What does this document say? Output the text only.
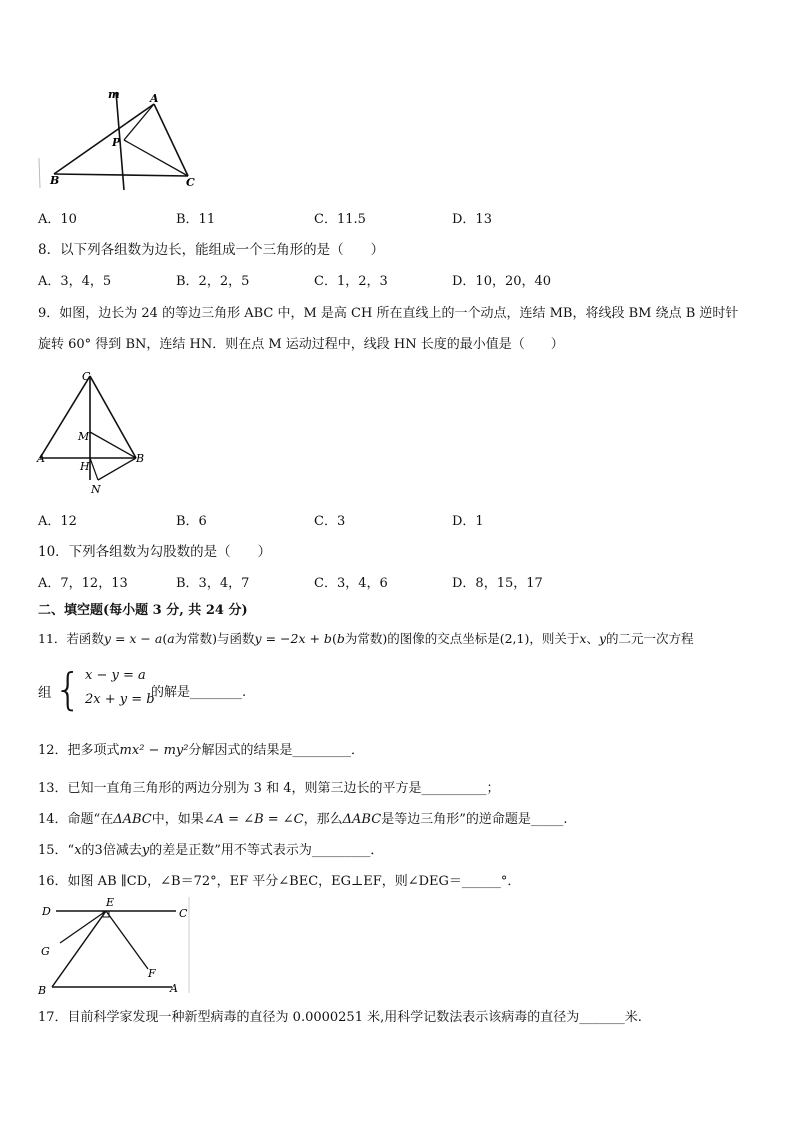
m	A
P
B	C
A．10	B．11	C．11.5	D．13
8．以下列各组数为边长，能组成一个三角形的是（　　）
A．3，4，5	B．2，2，5	C．1，2，3	D．10，20，40
9．如图，边长为 24 的等边三角形 ABC 中，M 是高 CH 所在直线上的一个动点，连结 MB，将线段 BM 绕点 B 逆时针
旋转 60° 得到 BN，连结 HN．则在点 M 运动过程中，线段 HN 长度的最小值是（　　）
C
M
A
H
B
N
A．12	B．6	C．3	D．1
10．下列各组数为勾股数的是（　　）
A．7，12，13	B．3，4，7	C．3，4，6	D．8，15，17
二、填空题(每小题 3 分, 共 24 分)
11．若函数y = x − a(a为常数)与函数y = −2x + b(b为常数)的图像的交点坐标是(2,1)，则关于x、y的二元一次方程
组 { x − y = a
2x + y = b
的解是________.
12．把多项式mx² − my²分解因式的结果是_________．
13．已知一直角三角形的两边分别为 3 和 4，则第三边长的平方是__________；
14．命题“在ΔABC中，如果∠A = ∠B = ∠C，那么ΔABC是等边三角形”的逆命题是_____.
15．“x的3倍减去y的差是正数”用不等式表示为_________．
16．如图 AB ∥CD，∠B＝72°，EF 平分∠BEC，EG⊥EF，则∠DEG＝______°．
D
E
C
G
F
B	A
17．目前科学家发现一种新型病毒的直径为 0.0000251 米,用科学记数法表示该病毒的直径为_______米.
